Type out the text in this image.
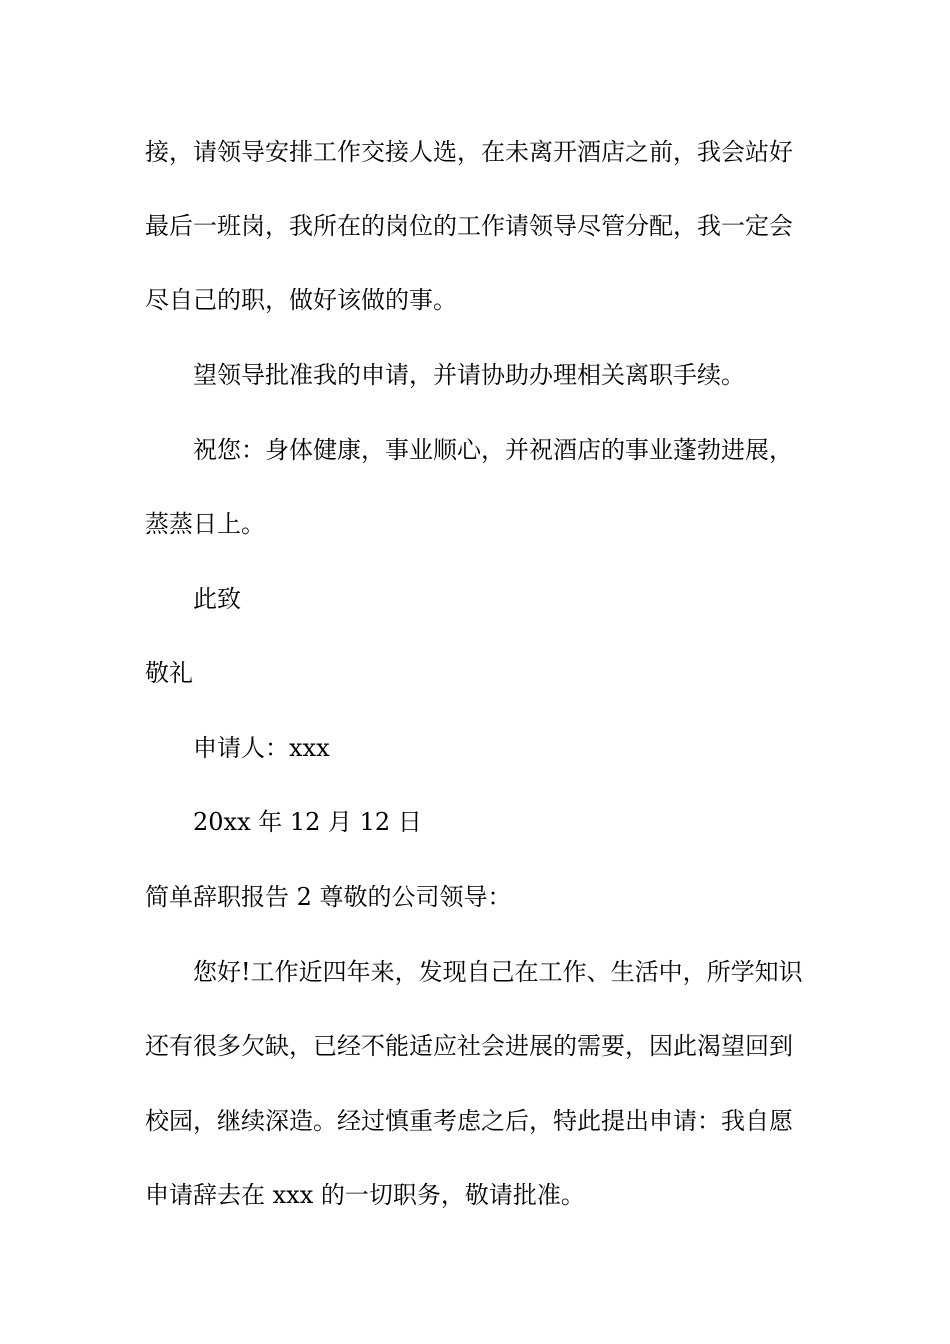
接，请领导安排工作交接人选，在未离开酒店之前，我会站好
最后一班岗，我所在的岗位的工作请领导尽管分配，我一定会
尽自己的职，做好该做的事。
望领导批准我的申请，并请协助办理相关离职手续。
祝您：身体健康，事业顺心，并祝酒店的事业蓬勃进展，
蒸蒸日上。
此致
敬礼
申请人：xxx
20xx 年 12 月 12 日
简单辞职报告 2 尊敬的公司领导：
您好!工作近四年来，发现自己在工作、生活中，所学知识
还有很多欠缺，已经不能适应社会进展的需要，因此渴望回到
校园，继续深造。经过慎重考虑之后，特此提出申请：我自愿
申请辞去在 xxx 的一切职务，敬请批准。
